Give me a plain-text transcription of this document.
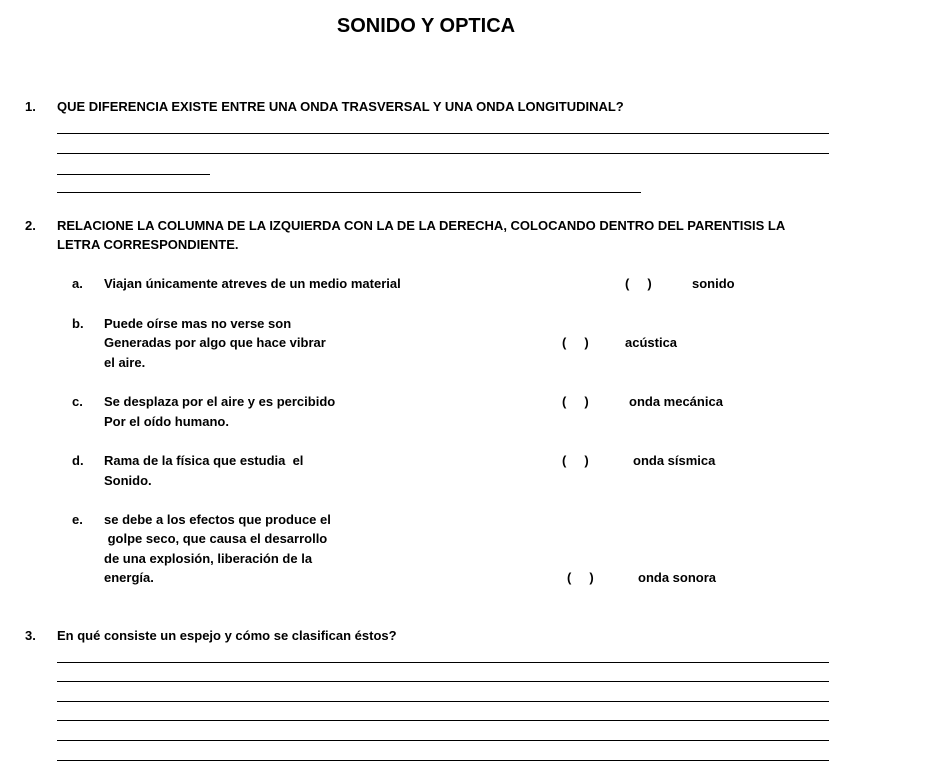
SONIDO Y OPTICA
1. QUE DIFERENCIA EXISTE ENTRE UNA ONDA TRASVERSAL Y UNA ONDA LONGITUDINAL?
2. RELACIONE LA COLUMNA DE LA IZQUIERDA CON LA DE LA DERECHA, COLOCANDO DENTRO DEL PARENTISIS LA
LETRA CORRESPONDIENTE.
a. Viajan únicamente atreves de un medio material	(     )	sonido
b. Puede oírse mas no verse son
Generadas por algo que hace vibrar
el aire.
(     )	acústica
c. Se desplaza por el aire y es percibido
Por el oído humano.
(     )	onda mecánica
d. Rama de la física que estudia  el
Sonido.
(     )	onda sísmica
e. se debe a los efectos que produce el
golpe seco, que causa el desarrollo
de una explosión, liberación de la
energía.	(     )	onda sonora
3. En qué consiste un espejo y cómo se clasifican éstos?
